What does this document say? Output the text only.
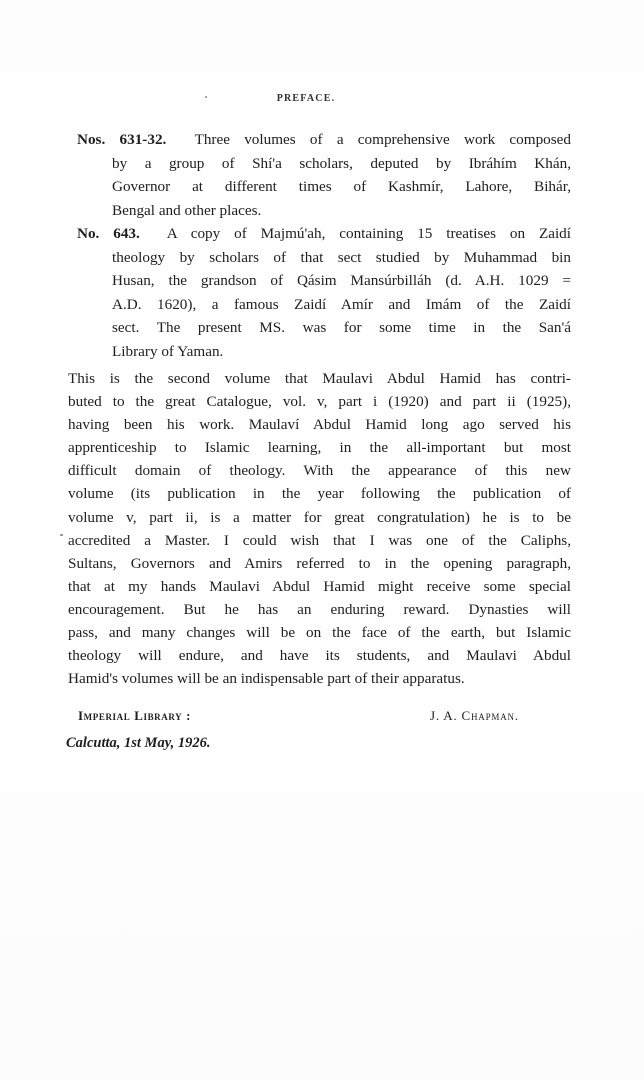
PREFACE.
Nos. 631-32. Three volumes of a comprehensive work composed
by a group of Shí'a scholars, deputed by Ibráhím Khán,
Governor at different times of Kashmír, Lahore, Bihár,
Bengal and other places.
No. 643. A copy of Majmú'ah, containing 15 treatises on Zaidí
theology by scholars of that sect studied by Muhammad bin
Husan, the grandson of Qásim Mansúrbilláh (d. A.H. 1029 =
A.D. 1620), a famous Zaidí Amír and Imám of the Zaidí
sect. The present MS. was for some time in the San'á
Library of Yaman.
This is the second volume that Maulavi Abdul Hamid has contri-
buted to the great Catalogue, vol. v, part i (1920) and part ii (1925),
having been his work. Maulaví Abdul Hamid long ago served his
apprenticeship to Islamic learning, in the all-important but most
difficult domain of theology. With the appearance of this new
volume (its publication in the year following the publication of
volume v, part ii, is a matter for great congratulation) he is to be
accredited a Master. I could wish that I was one of the Caliphs,
Sultans, Governors and Amirs referred to in the opening paragraph,
that at my hands Maulavi Abdul Hamid might receive some special
encouragement. But he has an enduring reward. Dynasties will
pass, and many changes will be on the face of the earth, but Islamic
theology will endure, and have its students, and Maulavi Abdul
Hamid's volumes will be an indispensable part of their apparatus.
Imperial Library :
Calcutta, 1st May, 1926.
J. A. Chapman.
